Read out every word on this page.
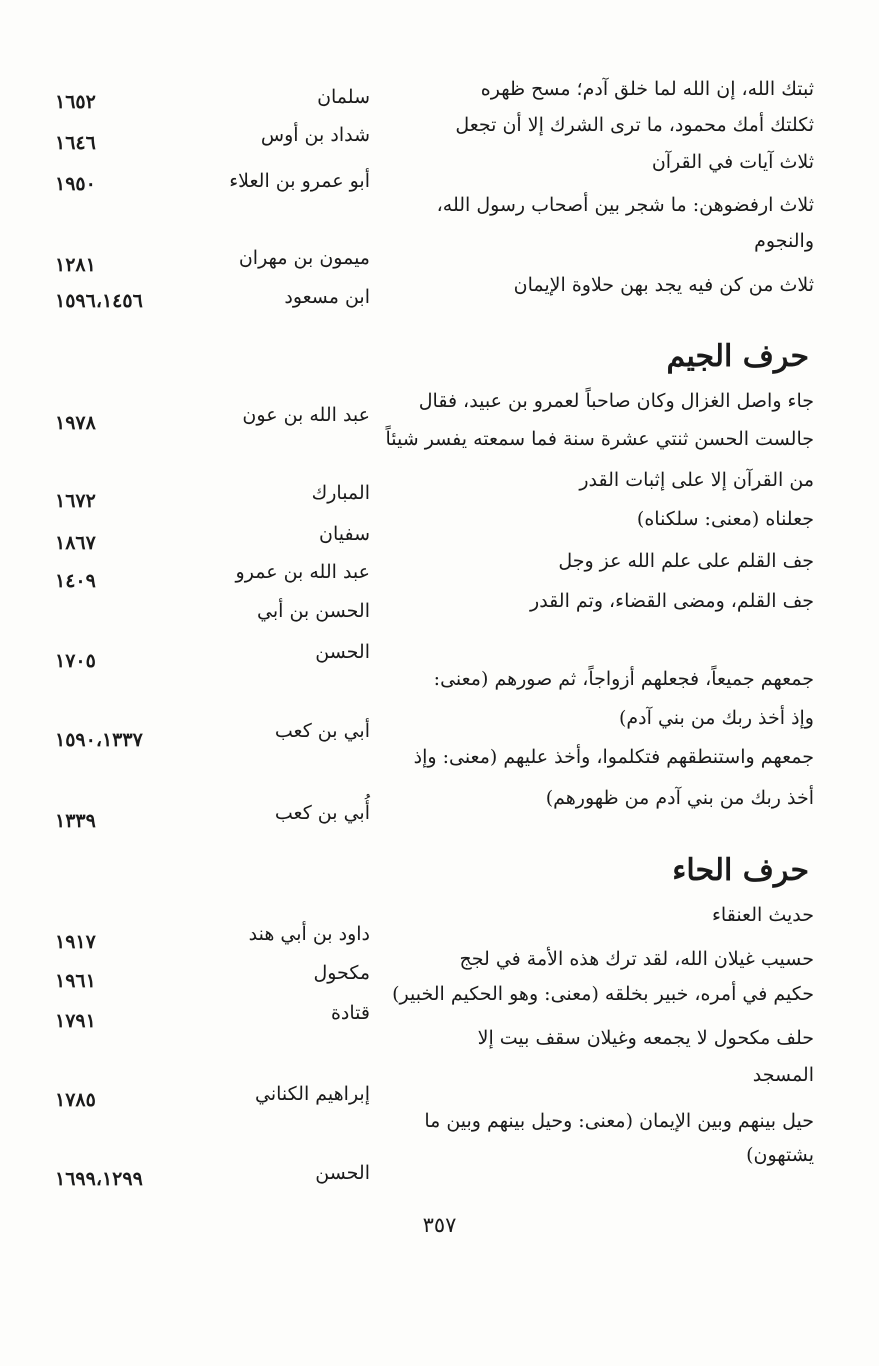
ثبتك الله، إن الله لما خلق آدم؛ مسح ظهره
سلمان
١٦٥٢
ثكلتك أمك محمود، ما ترى الشرك إلا أن تجعل
شداد بن أوس
١٦٤٦
ثلاث آيات في القرآن
أبو عمرو بن العلاء
١٩٥٠
ثلاث ارفضوهن: ما شجر بين أصحاب رسول الله،
والنجوم
ميمون بن مهران
١٢٨١
ثلاث من كن فيه يجد بهن حلاوة الإيمان
ابن مسعود
١٥٩٦،١٤٥٦
حرف الجيم
جاء واصل الغزال وكان صاحباً لعمرو بن عبيد، فقال
عبد الله بن عون
١٩٧٨
جالست الحسن ثنتي عشرة سنة فما سمعته يفسر شيئاً
من القرآن إلا على إثبات القدر
المبارك
١٦٧٢
جعلناه (معنى: سلكناه)
سفيان
١٨٦٧
جف القلم على علم الله عز وجل
عبد الله بن عمرو
١٤٠٩
جف القلم، ومضى القضاء، وتم القدر
الحسن بن أبي
الحسن
١٧٠٥
جمعهم جميعاً، فجعلهم أزواجاً، ثم صورهم (معنى:
وإذ أخذ ربك من بني آدم)
أبي بن كعب
١٥٩٠،١٣٣٧
جمعهم واستنطقهم فتكلموا، وأخذ عليهم (معنى: وإذ
أخذ ربك من بني آدم من ظهورهم)
أُبي بن كعب
١٣٣٩
حرف الحاء
حديث العنقاء
داود بن أبي هند
١٩١٧
حسيب غيلان الله، لقد ترك هذه الأمة في لجج
مكحول
١٩٦١
حكيم في أمره، خبير بخلقه (معنى: وهو الحكيم الخبير)
قتادة
١٧٩١
حلف مكحول لا يجمعه وغيلان سقف بيت إلا
المسجد
إبراهيم الكناني
١٧٨٥
حيل بينهم وبين الإيمان (معنى: وحيل بينهم وبين ما
يشتهون)
الحسن
١٦٩٩،١٢٩٩
٣٥٧
